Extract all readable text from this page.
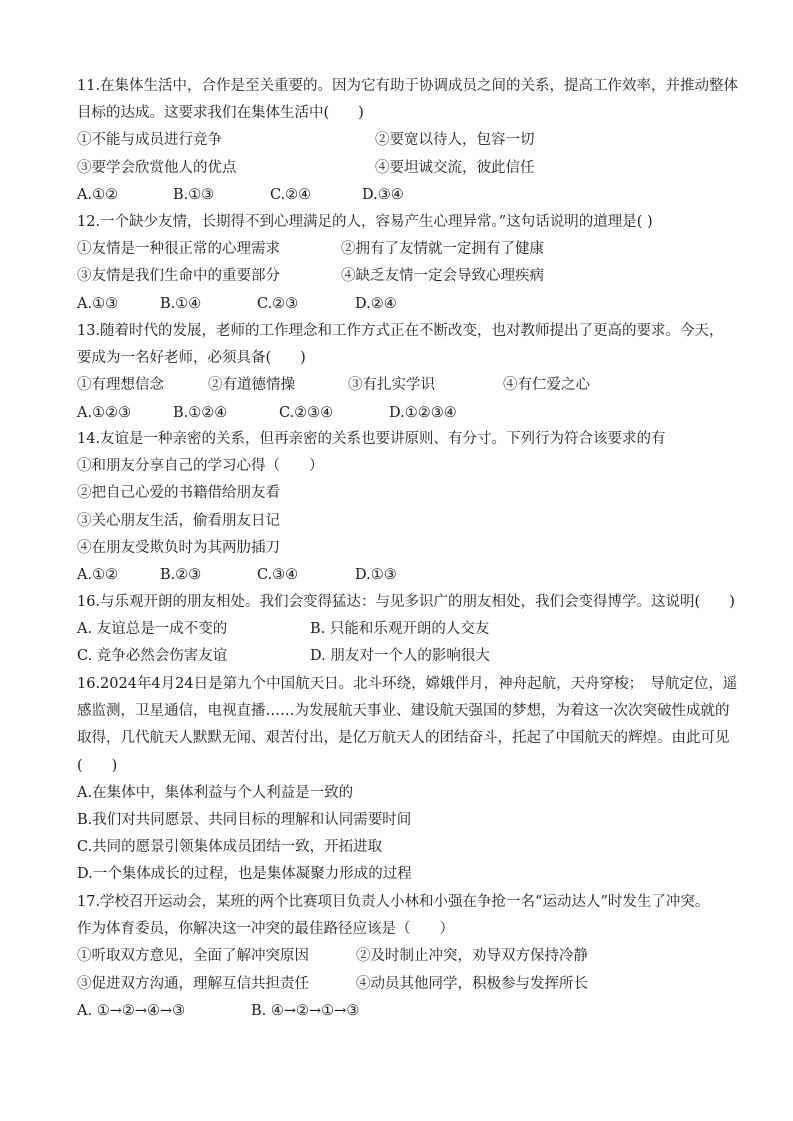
11.在集体生活中，合作是至关重要的。因为它有助于协调成员之间的关系，提高工作效率，并推动整体
目标的达成。这要求我们在集体生活中(　　)
①不能与成员进行竞争	②要宽以待人，包容一切
③要学会欣赏他人的优点	④要坦诚交流，彼此信任
A.①②	B.①③	C.②④	D.③④
12.一个缺少友情，长期得不到心理满足的人，容易产生心理异常。”这句话说明的道理是( )
①友情是一种很正常的心理需求	②拥有了友情就一定拥有了健康
③友情是我们生命中的重要部分	④缺乏友情一定会导致心理疾病
A.①③	B.①④	C.②③	D.②④
13.随着时代的发展，老师的工作理念和工作方式正在不断改变，也对教师提出了更高的要求。今天，
要成为一名好老师，必须具备(　　)
①有理想信念	②有道德情操	③有扎实学识	④有仁爱之心
A.①②③	B.①②④	C.②③④	D.①②③④
14.友谊是一种亲密的关系，但再亲密的关系也要讲原则、有分寸。下列行为符合该要求的有
①和朋友分享自己的学习心得（　　）
②把自己心爱的书籍借给朋友看
③关心朋友生活，偷看朋友日记
④在朋友受欺负时为其两肋插刀
A.①②	B.②③	C.③④	D.①③
16.与乐观开朗的朋友相处。我们会变得猛达：与见多识广的朋友相处，我们会变得博学。这说明(　　)
A. 友谊总是一成不变的	B. 只能和乐观开朗的人交友
C. 竞争必然会伤害友谊	D. 朋友对一个人的影响很大
16.2024年4月24日是第九个中国航天日。北斗环绕，嫦娥伴月，神舟起航，天舟穿梭；　导航定位，遥
感监测，卫星通信，电视直播……为发展航天事业、建设航天强国的梦想，为着这一次次突破性成就的
取得，几代航天人默默无闻、艰苦付出，是亿万航天人的团结奋斗，托起了中国航天的辉煌。由此可见
(　　)
A.在集体中，集体利益与个人利益是一致的
B.我们对共同愿景、共同目标的理解和认同需要时间
C.共同的愿景引领集体成员团结一致，开拓进取
D.一个集体成长的过程，也是集体凝聚力形成的过程
17.学校召开运动会，某班的两个比赛项目负责人小林和小强在争抢一名“运动达人”时发生了冲突。
作为体育委员，你解决这一冲突的最佳路径应该是（　　）
①听取双方意见，全面了解冲突原因	②及时制止冲突，劝导双方保持冷静
③促进双方沟通，理解互信共担责任	④动员其他同学，积极参与发挥所长
A. ①→②→④→③	B. ④→②→①→③
